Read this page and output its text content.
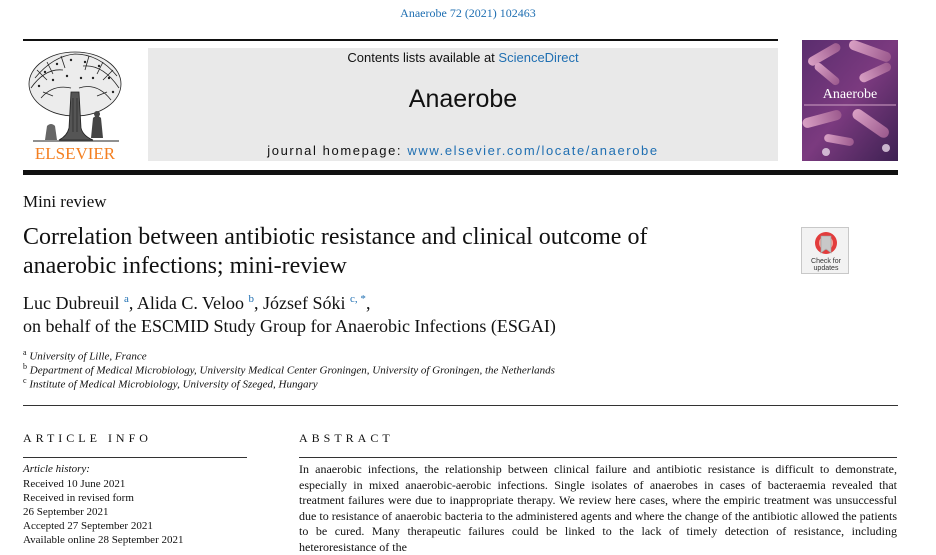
Anaerobe 72 (2021) 102463
ELSEVIER
Contents lists available at ScienceDirect
Anaerobe
journal homepage: www.elsevier.com/locate/anaerobe
Anaerobe
Mini review
Correlation between antibiotic resistance and clinical outcome of
anaerobic infections; mini-review	Check for
updates
Luc Dubreuil $^a$, Alida C. Veloo $^b$, József Sóki $^{c, *}$,
on behalf of the ESCMID Study Group for Anaerobic Infections (ESGAI)
$^a$ University of Lille, France
$^b$ Department of Medical Microbiology, University Medical Center Groningen, University of Groningen, the Netherlands
$^c$ Institute of Medical Microbiology, University of Szeged, Hungary
ARTICLE INFO
Article history:
Received 10 June 2021
Received in revised form
26 September 2021
Accepted 27 September 2021
Available online 28 September 2021
ABSTRACT
In anaerobic infections, the relationship between clinical failure and antibiotic resistance is difficult to demonstrate, especially in mixed anaerobic-aerobic infections. Single isolates of anaerobes in cases of bacteraemia revealed that treatment failures were due to inappropriate therapy. We review here cases, where the empiric treatment was unsuccessful due to resistance of anaerobic bacteria to the administered agents and where the change of the antibiotic allowed the patients to be cured. Many therapeutic failures could be linked to the lack of timely detection of resistance, including heteroresistance of the
